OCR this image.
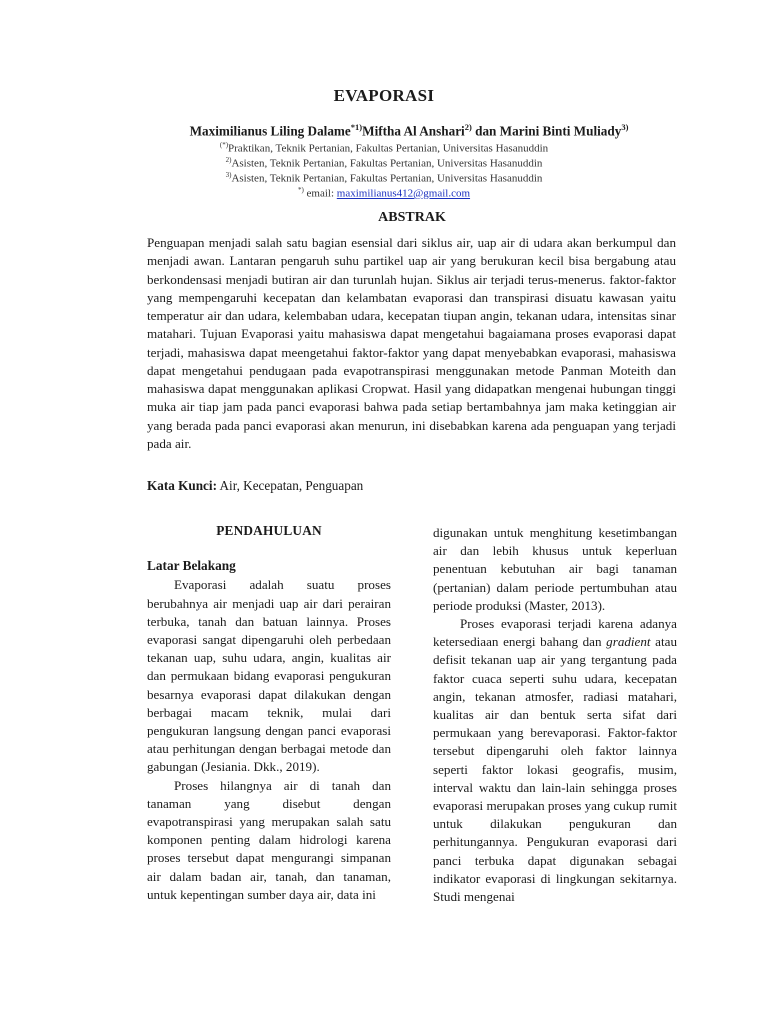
EVAPORASI
Maximilianus Liling Dalame$^{*1)}$Miftha Al Anshari$^{2)}$ dan Marini Binti Muliady$^{3)}$
(*)Praktikan, Teknik Pertanian, Fakultas Pertanian, Universitas Hasanuddin
$^{2)}$Asisten, Teknik Pertanian, Fakultas Pertanian, Universitas Hasanuddin
$^{3)}$Asisten, Teknik Pertanian, Fakultas Pertanian, Universitas Hasanuddin
*) email: maximilianus412@gmail.com
ABSTRAK

Penguapan menjadi salah satu bagian esensial dari siklus air, uap air di udara akan berkumpul dan menjadi awan. Lantaran pengaruh suhu partikel uap air yang berukuran kecil bisa bergabung atau berkondensasi menjadi butiran air dan turunlah hujan. Siklus air terjadi terus-menerus. faktor-faktor yang mempengaruhi kecepatan dan kelambatan evaporasi dan transpirasi disuatu kawasan yaitu temperatur air dan udara, kelembaban udara, kecepatan tiupan angin, tekanan udara, intensitas sinar matahari. Tujuan Evaporasi yaitu mahasiswa dapat mengetahui bagaiamana proses evaporasi dapat terjadi, mahasiswa dapat meengetahui faktor-faktor yang dapat menyebabkan evaporasi, mahasiswa dapat mengetahui pendugaan pada evapotranspirasi menggunakan metode Panman Moteith dan mahasiswa dapat menggunakan aplikasi Cropwat. Hasil yang didapatkan mengenai hubungan tinggi muka air tiap jam pada panci evaporasi bahwa pada setiap bertambahnya jam maka ketinggian air yang berada pada panci evaporasi akan menurun, ini disebabkan karena ada penguapan yang terjadi pada air.

Kata Kunci: Air, Kecepatan, Penguapan
PENDAHULUAN
Latar Belakang

Evaporasi adalah suatu proses berubahnya air menjadi uap air dari perairan terbuka, tanah dan batuan lainnya. Proses evaporasi sangat dipengaruhi oleh perbedaan tekanan uap, suhu udara, angin, kualitas air dan permukaan bidang evaporasi pengukuran besarnya evaporasi dapat dilakukan dengan berbagai macam teknik, mulai dari pengukuran langsung dengan panci evaporasi atau perhitungan dengan berbagai metode dan gabungan (Jesiania. Dkk., 2019).

Proses hilangnya air di tanah dan tanaman yang disebut dengan evapotranspirasi yang merupakan salah satu komponen penting dalam hidrologi karena proses tersebut dapat mengurangi simpanan air dalam badan air, tanah, dan tanaman, untuk kepentingan sumber daya air, data ini

digunakan untuk menghitung kesetimbangan air dan lebih khusus untuk keperluan penentuan kebutuhan air bagi tanaman (pertanian) dalam periode pertumbuhan atau periode produksi (Master, 2013).

Proses evaporasi terjadi karena adanya ketersediaan energi bahang dan gradient atau defisit tekanan uap air yang tergantung pada faktor cuaca seperti suhu udara, kecepatan angin, tekanan atmosfer, radiasi matahari, kualitas air dan bentuk serta sifat dari permukaan yang berevaporasi. Faktor-faktor tersebut dipengaruhi oleh faktor lainnya seperti faktor lokasi geografis, musim, interval waktu dan lain-lain sehingga proses evaporasi merupakan proses yang cukup rumit untuk dilakukan pengukuran dan perhitungannya. Pengukuran evaporasi dari panci terbuka dapat digunakan sebagai indikator evaporasi di lingkungan sekitarnya. Studi mengenai
